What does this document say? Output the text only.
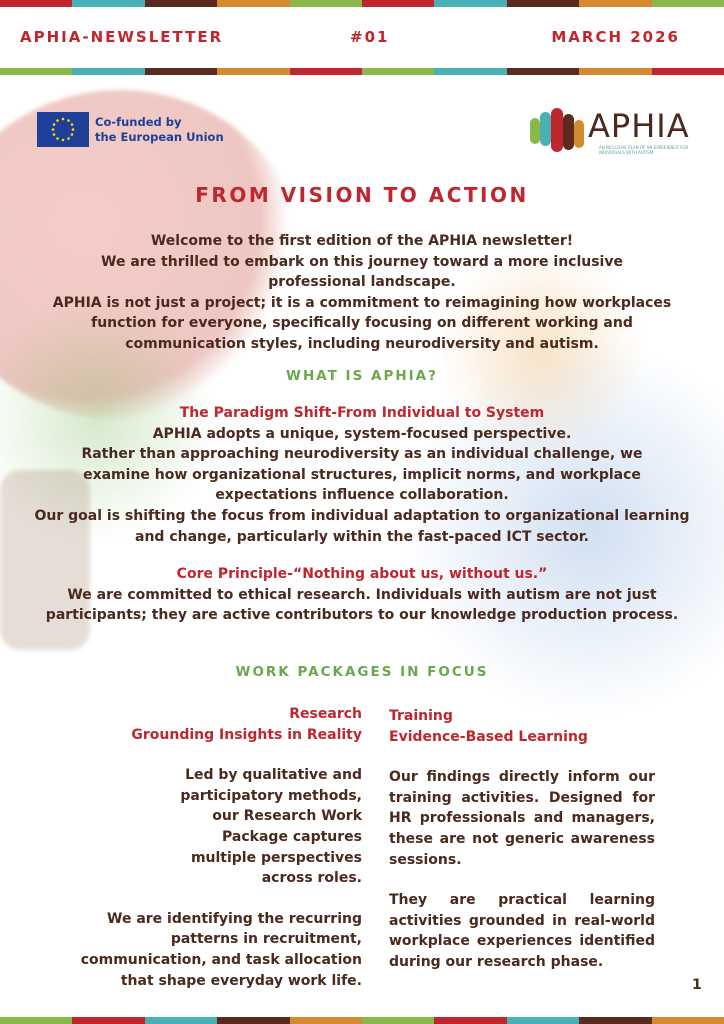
APHIA-NEWSLETTER	#01	MARCH 2026
Co-funded by
the European Union	APHIA
AN INCLUSIVE PLAN OF AN EXPERIENCE FOR INDIVIDUALS WITH AUTISM
FROM VISION TO ACTION
Welcome to the first edition of the APHIA newsletter!
We are thrilled to embark on this journey toward a more inclusive professional landscape.
APHIA is not just a project; it is a commitment to reimagining how workplaces function for everyone, specifically focusing on different working and communication styles, including neurodiversity and autism.
WHAT IS APHIA?
The Paradigm Shift-From Individual to System
APHIA adopts a unique, system-focused perspective.
Rather than approaching neurodiversity as an individual challenge, we examine how organizational structures, implicit norms, and workplace expectations influence collaboration.
Our goal is shifting the focus from individual adaptation to organizational learning and change, particularly within the fast-paced ICT sector.
Core Principle-“Nothing about us, without us.”
We are committed to ethical research. Individuals with autism are not just participants; they are active contributors to our knowledge production process.
WORK PACKAGES IN FOCUS
Research
Grounding Insights in Reality
Led by qualitative and participatory methods, our Research Work Package captures multiple perspectives across roles.
We are identifying the recurring patterns in recruitment, communication, and task allocation that shape everyday work life.
Training
Evidence-Based Learning
Our findings directly inform our training activities. Designed for HR professionals and managers, these are not generic awareness sessions.
They are practical learning activities grounded in real-world workplace experiences identified during our research phase.
1
